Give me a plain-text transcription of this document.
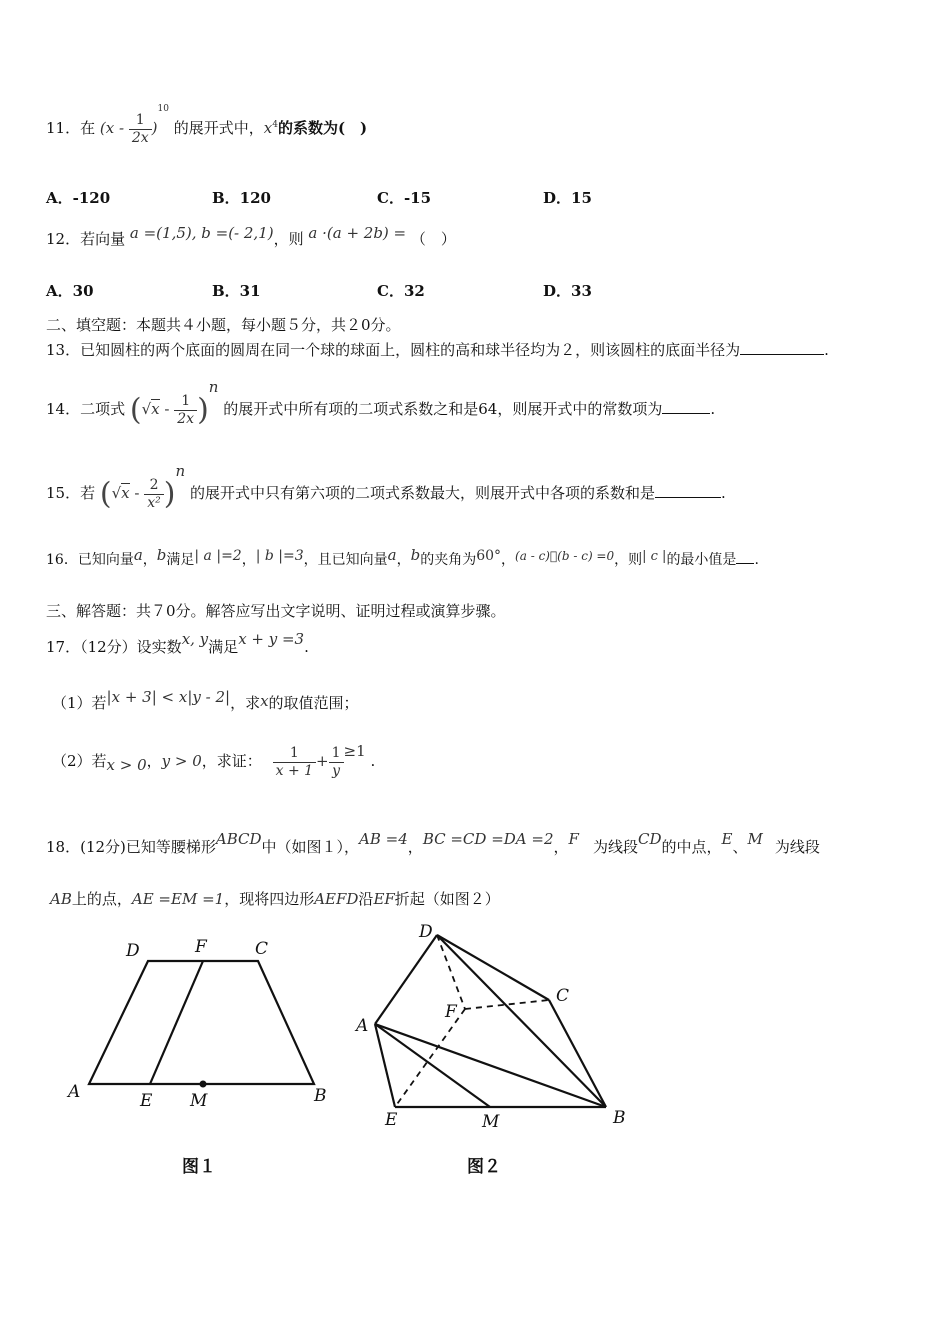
11．在 $(x - \frac{1}{2x} )^{10}$ 的展开式中，$x^4$的系数为(　)
A．-120	B．120	C．-15	D．15
12．若向量 a =(1,5), b =(- 2,1)，则 a ·(a + 2b) = （　）
A．30	B．31	C．32	D．33
二、填空题：本题共４小题，每小题５分，共２0分。
13．已知圆柱的两个底面的圆周在同一个球的球面上，圆柱的高和球半径均为２，则该圆柱的底面半径为	.
14．二项式 $(√x - \frac{1}{2x} )^n$ 的展开式中所有项的二项式系数之和是64，则展开式中的常数项为	.
15．若 $(√x - \frac{2}{\text{x²}} )^n$ 的展开式中只有第六项的二项式系数最大，则展开式中各项的系数和是	.
16．已知向量a，b满足| a |=2，| b |=3，且已知向量a，b的夹角为60°，(a - c)⃝(b - c) =0，则| c |的最小值是 .
三、解答题：共７0分。解答应写出文字说明、证明过程或演算步骤。
17．（12分）设实数x, y满足x + y =3.
（1）若|x + 3| < x|y - 2|，求x的取值范围；
（2）若x > 0，y > 0，求证： $\frac{1}{x + 1} + \frac{1}{y} \ge 1$ .
18．(12分)已知等腰梯形ABCD中（如图１），AB =4，BC =CD =DA =2，F 为线段CD的中点，E、M 为线段
AB上的点，AE =EM =1，现将四边形AEFD沿EF折起（如图２）
D	F	C
A	E M	B
图１
D
C
F
A
E	M	B
图２
